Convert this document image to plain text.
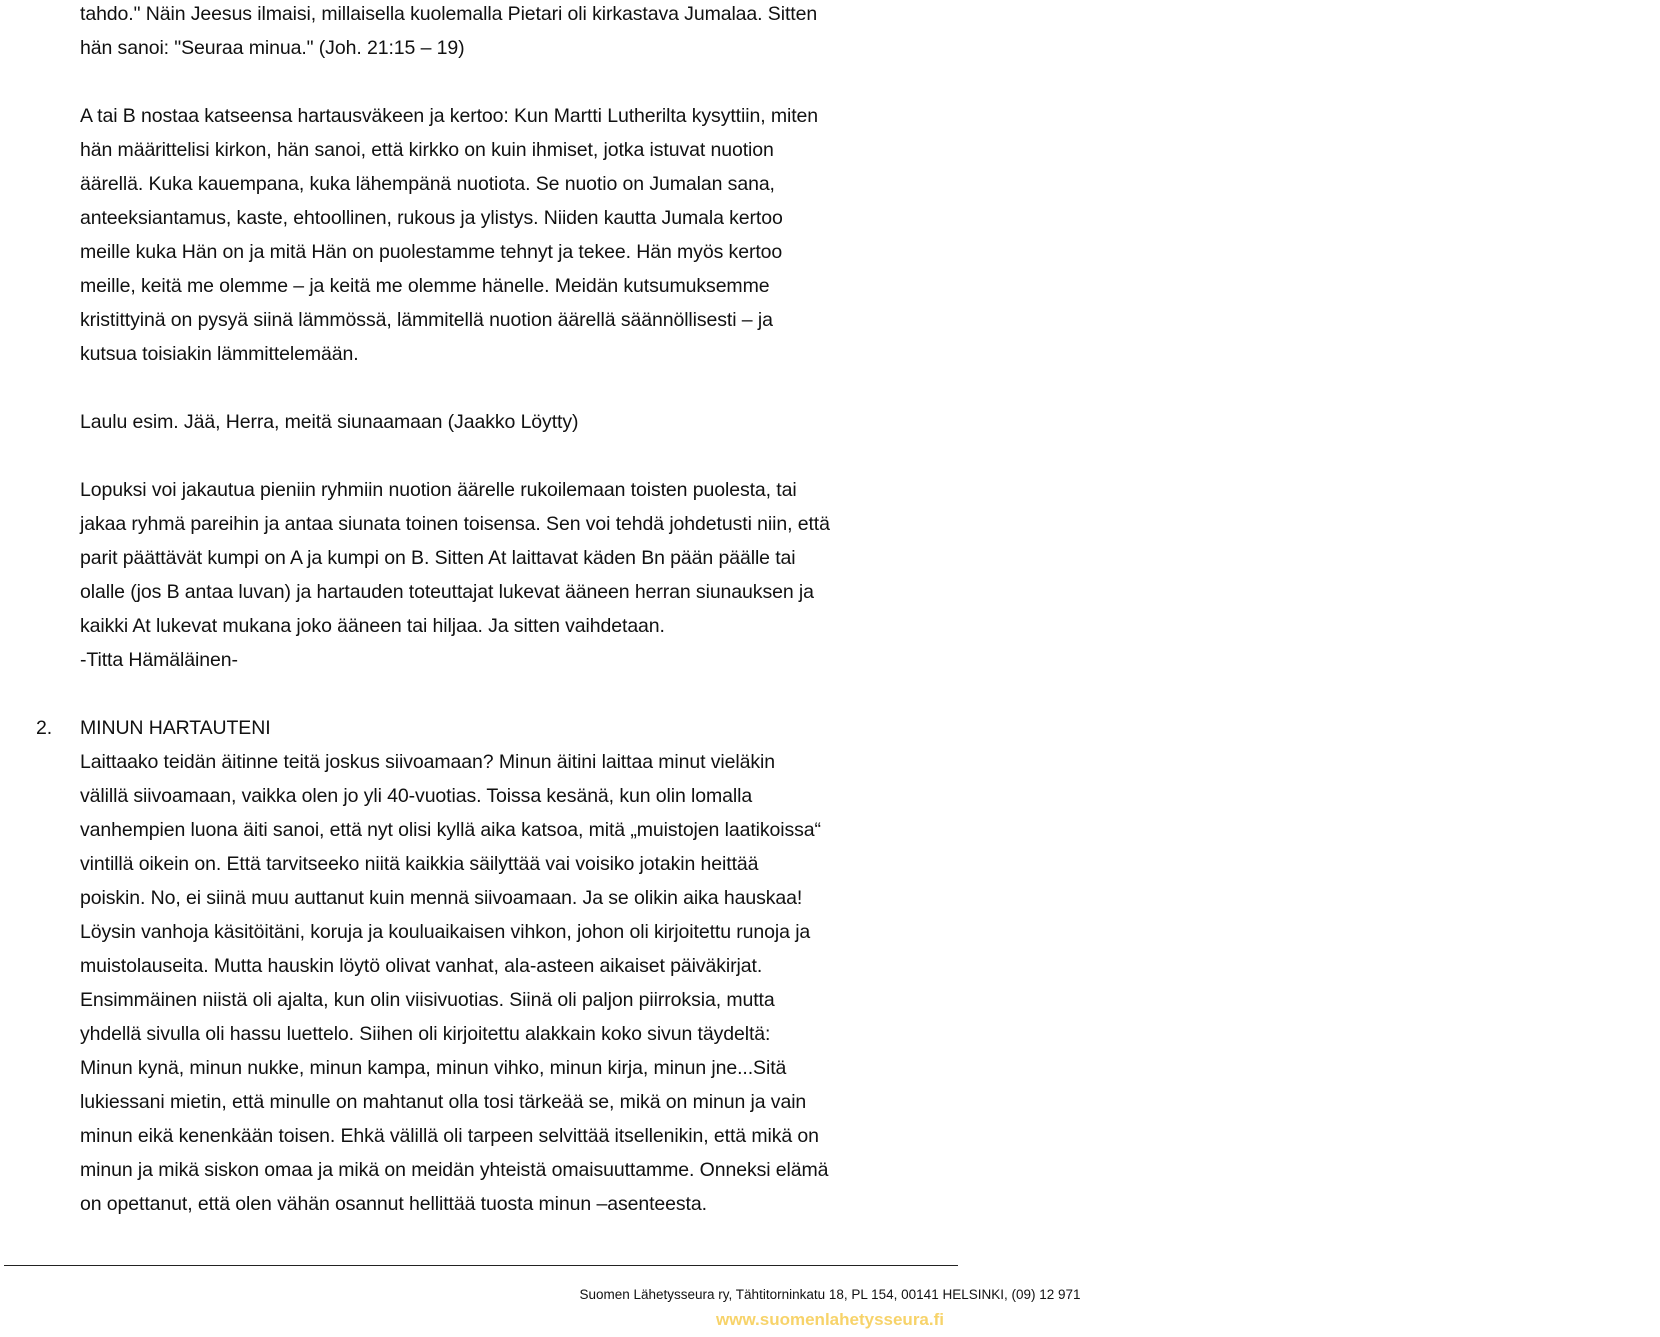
tahdo." Näin Jeesus ilmaisi, millaisella kuolemalla Pietari oli kirkastava Jumalaa. Sitten
hän sanoi: "Seuraa minua." (Joh. 21:15 – 19)
A tai B nostaa katseensa hartausväkeen ja kertoo: Kun Martti Lutherilta kysyttiin, miten
hän määrittelisi kirkon, hän sanoi, että kirkko on kuin ihmiset, jotka istuvat nuotion
äärellä. Kuka kauempana, kuka lähempänä nuotiota. Se nuotio on Jumalan sana,
anteeksiantamus, kaste, ehtoollinen, rukous ja ylistys. Niiden kautta Jumala kertoo
meille kuka Hän on ja mitä Hän on puolestamme tehnyt ja tekee. Hän myös kertoo
meille, keitä me olemme – ja keitä me olemme hänelle. Meidän kutsumuksemme
kristittyinä on pysyä siinä lämmössä, lämmitellä nuotion äärellä säännöllisesti – ja
kutsua toisiakin lämmittelemään.
Laulu esim. Jää, Herra, meitä siunaamaan (Jaakko Löytty)
Lopuksi voi jakautua pieniin ryhmiin nuotion äärelle rukoilemaan toisten puolesta, tai
jakaa ryhmä pareihin ja antaa siunata toinen toisensa. Sen voi tehdä johdetusti niin, että
parit päättävät kumpi on A ja kumpi on B. Sitten At laittavat käden Bn pään päälle tai
olalle (jos B antaa luvan) ja hartauden toteuttajat lukevat ääneen herran siunauksen ja
kaikki At lukevat mukana joko ääneen tai hiljaa. Ja sitten vaihdetaan.
-Titta Hämäläinen-
2. MINUN HARTAUTENI
Laittaako teidän äitinne teitä joskus siivoamaan? Minun äitini laittaa minut vieläkin
välillä siivoamaan, vaikka olen jo yli 40-vuotias. Toissa kesänä, kun olin lomalla
vanhempien luona äiti sanoi, että nyt olisi kyllä aika katsoa, mitä „muistojen laatikoissa“
vintillä oikein on. Että tarvitseeko niitä kaikkia säilyttää vai voisiko jotakin heittää
poiskin. No, ei siinä muu auttanut kuin mennä siivoamaan. Ja se olikin aika hauskaa!
Löysin vanhoja käsitöitäni, koruja ja kouluaikaisen vihkon, johon oli kirjoitettu runoja ja
muistolauseita. Mutta hauskin löytö olivat vanhat, ala-asteen aikaiset päiväkirjat.
Ensimmäinen niistä oli ajalta, kun olin viisivuotias. Siinä oli paljon piirroksia, mutta
yhdellä sivulla oli hassu luettelo. Siihen oli kirjoitettu alakkain koko sivun täydeltä:
Minun kynä, minun nukke, minun kampa, minun vihko, minun kirja, minun jne...Sitä
lukiessani mietin, että minulle on mahtanut olla tosi tärkeää se, mikä on minun ja vain
minun eikä kenenkään toisen. Ehkä välillä oli tarpeen selvittää itsellenikin, että mikä on
minun ja mikä siskon omaa ja mikä on meidän yhteistä omaisuuttamme. Onneksi elämä
on opettanut, että olen vähän osannut hellittää tuosta minun –asenteesta.
Suomen Lähetysseura ry, Tähtitorninkatu 18, PL 154, 00141 HELSINKI, (09) 12 971
www.suomenlahetysseura.fi
